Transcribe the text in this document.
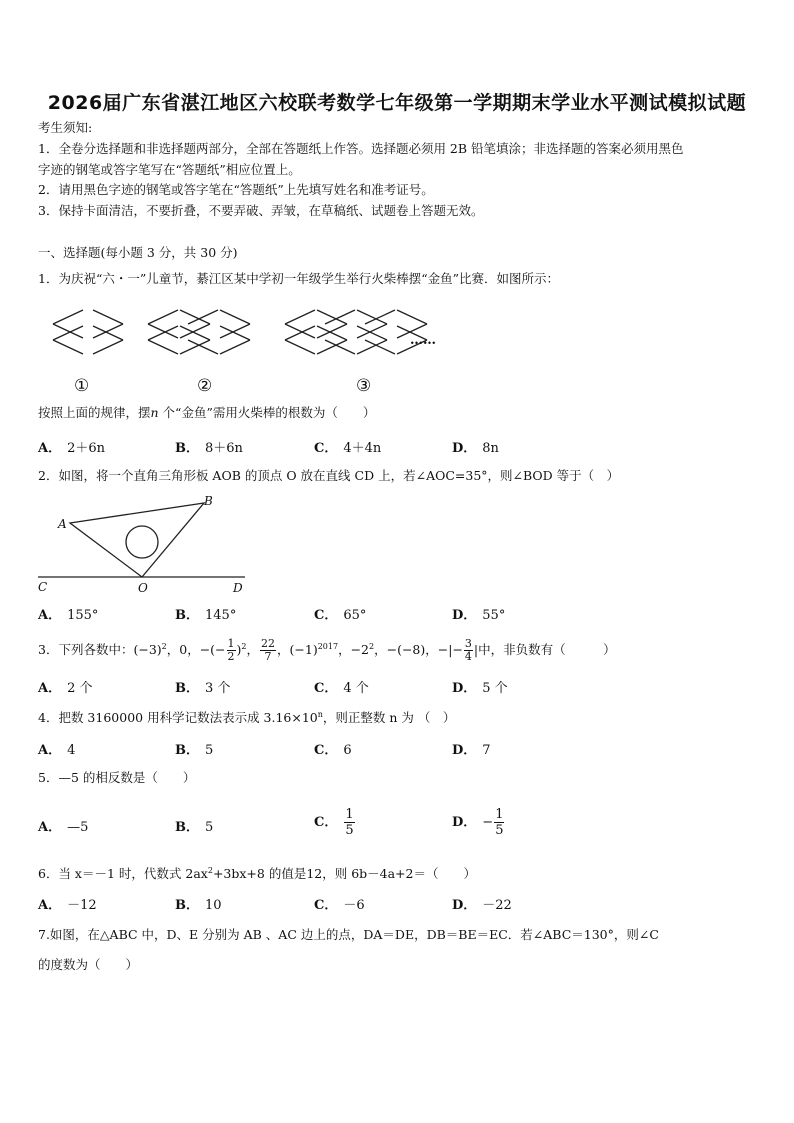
2026届广东省湛江地区六校联考数学七年级第一学期期末学业水平测试模拟试题
考生须知:
1．全卷分选择题和非选择题两部分，全部在答题纸上作答。选择题必须用 2B 铅笔填涂；非选择题的答案必须用黑色
字迹的钢笔或答字笔写在“答题纸”相应位置上。
2．请用黑色字迹的钢笔或答字笔在“答题纸”上先填写姓名和准考证号。
3．保持卡面清洁，不要折叠，不要弄破、弄皱，在草稿纸、试题卷上答题无效。
一、选择题(每小题 3 分，共 30 分)
1．为庆祝“六・一”儿童节，綦江区某中学初一年级学生举行火柴棒摆“金鱼”比赛．如图所示：
……
①	②	③
按照上面的规律，摆n 个“金鱼”需用火柴棒的根数为（　　）
A． 2＋6n	B． 8＋6n	C． 4＋4n	D． 8n
2．如图，将一个直角三角形板 AOB 的顶点 O 放在直线 CD 上，若∠AOC=35°，则∠BOD 等于（　）
A
B
C	O	D
A． 155°	B． 145°	C． 65°	D． 55°
3．下列各数中：$(-3)^2$，0，−(− $\frac{1}{2} )^2$， $\frac{22}{7}$ ，$(-1)^{2017}$，$-2^2$，−(−8)，−|− $\frac{3}{4}$ |中，非负数有（　　　）
A． 2 个	B． 3 个	C． 4 个	D． 5 个
4．把数 3160000 用科学记数法表示成 $3.16\times 10^n$，则正整数 n 为 （　）
A． 4	B． 5	C． 6	D． 7
5．—5 的相反数是（　　）
A． —5	B． 5	C． $\frac{1}{5}$	D． − $\frac{1}{5}$
6．当 x＝－1 时，代数式 $2ax^2+3bx+8$ 的值是12，则 6b－4a+2＝（　　）
A． －12	B． 10	C． －6	D． －22
7.如图，在△ABC 中，D、E 分别为 AB 、AC 边上的点，DA＝DE，DB＝BE＝EC．若∠ABC＝130°，则∠C
的度数为（　　）
